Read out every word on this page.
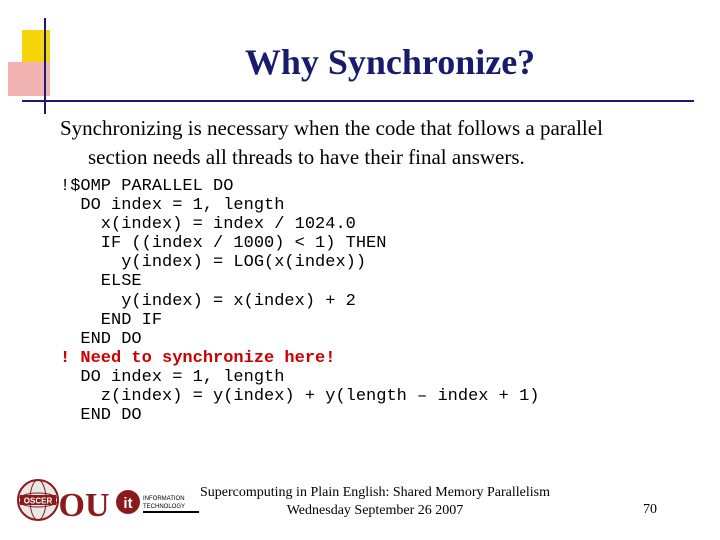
Why Synchronize?
Synchronizing is necessary when the code that follows a parallel
section needs all threads to have their final answers.
!$OMP PARALLEL DO
DO index = 1, length
x(index) = index / 1024.0
IF ((index / 1000) < 1) THEN
y(index) = LOG(x(index))
ELSE
y(index) = x(index) + 2
END IF
END DO
! Need to synchronize here!
DO index = 1, length
z(index) = y(index) + y(length – index + 1)
END DO
OSCER OU it INFORMATION
TECHNOLOGY
Supercomputing in Plain English: Shared Memory Parallelism
Wednesday September 26 2007	70
